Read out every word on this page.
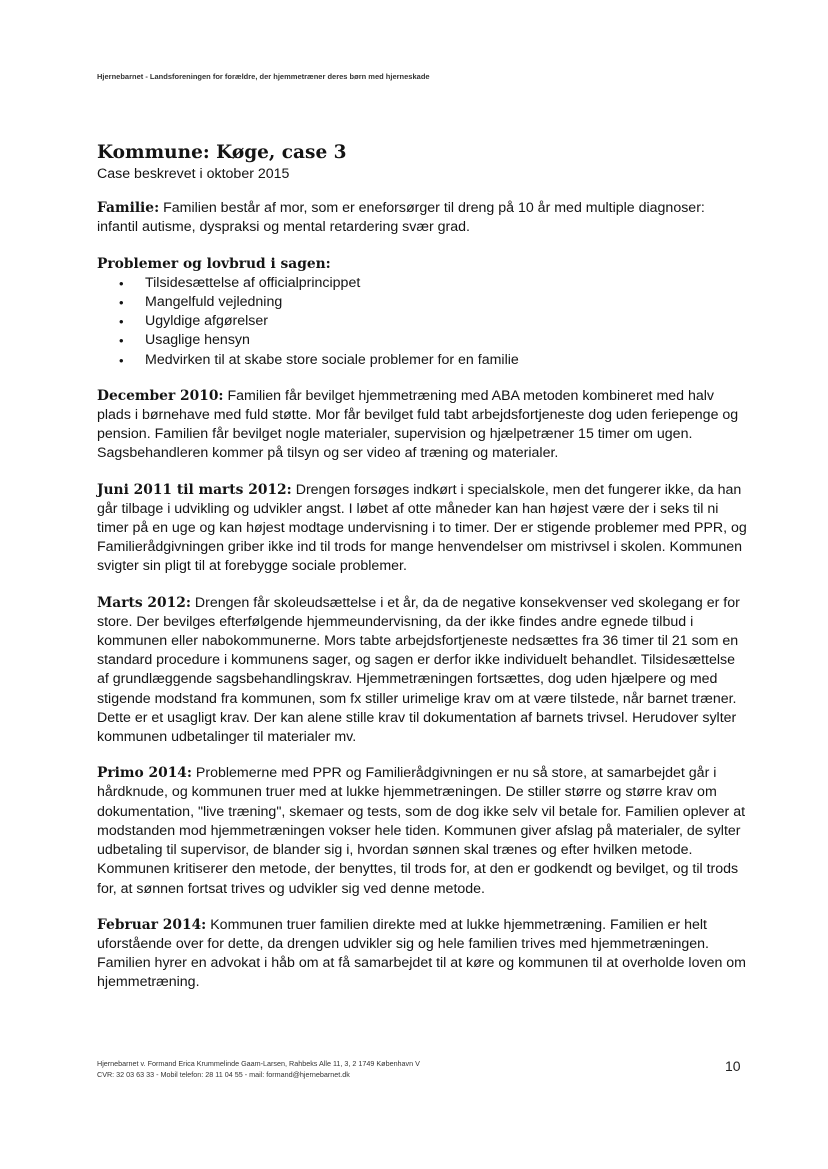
Hjernebarnet - Landsforeningen for forældre, der hjemmetræner deres børn med hjerneskade
Kommune: Køge, case 3
Case beskrevet i oktober 2015

Familie: Familien består af mor, som er eneforsørger til dreng på 10 år med multiple diagnoser: infantil autisme, dyspraksi og mental retardering svær grad.

Problemer og lovbrud i sagen:
• Tilsidesættelse af officialprincippet
• Mangelfuld vejledning
• Ugyldige afgørelser
• Usaglige hensyn
• Medvirken til at skabe store sociale problemer for en familie

December 2010: Familien får bevilget hjemmetræning med ABA metoden kombineret med halv plads i børnehave med fuld støtte. Mor får bevilget fuld tabt arbejdsfortjeneste dog uden feriepenge og pension. Familien får bevilget nogle materialer, supervision og hjælpetræner 15 timer om ugen. Sagsbehandleren kommer på tilsyn og ser video af træning og materialer.

Juni 2011 til marts 2012: Drengen forsøges indkørt i specialskole, men det fungerer ikke, da han går tilbage i udvikling og udvikler angst. I løbet af otte måneder kan han højest være der i seks til ni timer på en uge og kan højest modtage undervisning i to timer. Der er stigende problemer med PPR, og Familierådgivningen griber ikke ind til trods for mange henvendelser om mistrivsel i skolen. Kommunen svigter sin pligt til at forebygge sociale problemer.

Marts 2012: Drengen får skoleudsættelse i et år, da de negative konsekvenser ved skolegang er for store. Der bevilges efterfølgende hjemmeundervisning, da der ikke findes andre egnede tilbud i kommunen eller nabokommunerne. Mors tabte arbejdsfortjeneste nedsættes fra 36 timer til 21 som en standard procedure i kommunens sager, og sagen er derfor ikke individuelt behandlet. Tilsidesættelse af grundlæggende sagsbehandlingskrav. Hjemmetræningen fortsættes, dog uden hjælpere og med stigende modstand fra kommunen, som fx stiller urimelige krav om at være tilstede, når barnet træner. Dette er et usagligt krav. Der kan alene stille krav til dokumentation af barnets trivsel. Herudover sylter kommunen udbetalinger til materialer mv.

Primo 2014: Problemerne med PPR og Familierådgivningen er nu så store, at samarbejdet går i hårdknude, og kommunen truer med at lukke hjemmetræningen. De stiller større og større krav om dokumentation, "live træning", skemaer og tests, som de dog ikke selv vil betale for. Familien oplever at modstanden mod hjemmetræningen vokser hele tiden. Kommunen giver afslag på materialer, de sylter udbetaling til supervisor, de blander sig i, hvordan sønnen skal trænes og efter hvilken metode. Kommunen kritiserer den metode, der benyttes, til trods for, at den er godkendt og bevilget, og til trods for, at sønnen fortsat trives og udvikler sig ved denne metode.

Februar 2014: Kommunen truer familien direkte med at lukke hjemmetræning. Familien er helt uforstående over for dette, da drengen udvikler sig og hele familien trives med hjemmetræningen. Familien hyrer en advokat i håb om at få samarbejdet til at køre og kommunen til at overholde loven om hjemmetræning.

Hjernebarnet v. Formand Erica Krummelinde Gaam-Larsen, Rahbeks Alle 11, 3, 2 1749 København V
CVR: 32 03 63 33 - Mobil telefon: 28 11 04 55 - mail: formand@hjernebarnet.dk
10
